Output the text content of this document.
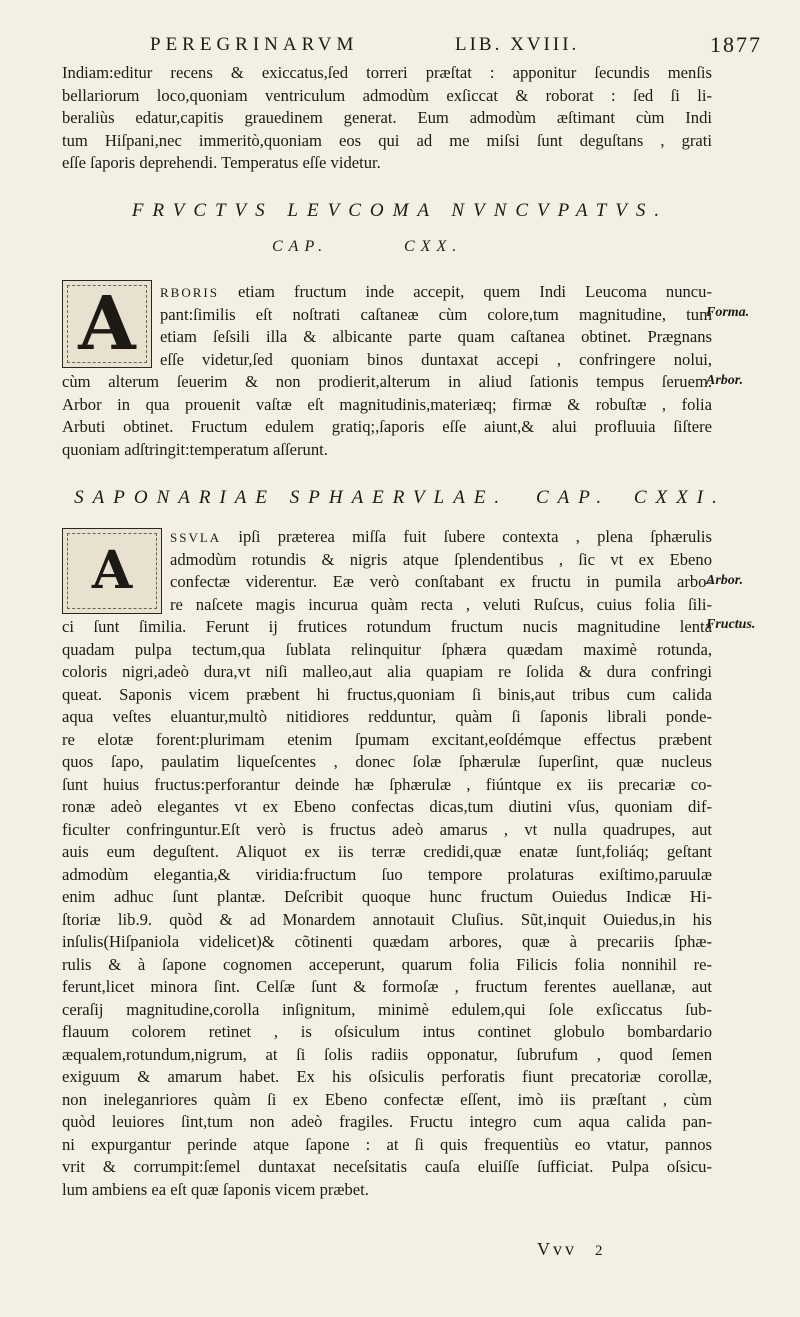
PEREGRINARVM	LIB. XVIII.	1877
Indiam:editur recens & exiccatus,ſed torreri præſtat : apponitur ſecundis menſis
bellariorum loco,quoniam ventriculum admodùm exſiccat & roborat : ſed ſi li-
beraliùs edatur,capitis grauedinem generat. Eum admodùm æſtimant cùm Indi
tum Hiſpani,nec immeritò,quoniam eos qui ad me miſsi ſunt deguſtans , grati
eſſe ſaporis deprehendi. Temperatus eſſe videtur.
FRVCTVS LEVCOMA NVNCVPATVS.
CAP.	CXX.
A RBORIS etiam fructum inde accepit, quem Indi Leucoma nuncu-
pant:ſimilis eſt noſtrati caſtaneæ cùm colore,tum magnitudine, tum
etiam ſeſsili illa & albicante parte quam caſtanea obtinet. Prægnans
eſſe videtur,ſed quoniam binos duntaxat accepi , confringere nolui,
cùm alterum ſeuerim & non prodierit,alterum in aliud ſationis tempus ſeruem.
Arbor in qua prouenit vaſtæ eſt magnitudinis,materiæq; firmæ & robuſtæ , folia
Arbuti obtinet. Fructum edulem gratiq;,ſaporis eſſe aiunt,& alui profluuia ſiſtere
quoniam adſtringit:temperatum aſſerunt.
Forma.
Arbor.
SAPONARIAE SPHAERVLAE. CAP. CXXI.
A
SSVLA ipſi præterea miſſa fuit ſubere contexta , plena ſphærulis
admodùm rotundis & nigris atque ſplendentibus , ſic vt ex Ebeno
confectæ viderentur. Eæ verò conſtabant ex fructu in pumila arbo-
re naſcete magis incurua quàm recta , veluti Ruſcus, cuius folia ſili-
ci ſunt ſimilia. Ferunt ij frutices rotundum fructum nucis magnitudine lenta
quadam pulpa tectum,qua ſublata relinquitur ſphæra quædam maximè rotunda,
coloris nigri,adeò dura,vt niſi malleo,aut alia quapiam re ſolida & dura confringi
queat. Saponis vicem præbent hi fructus,quoniam ſi binis,aut tribus cum calida
aqua veſtes eluantur,multò nitidiores redduntur, quàm ſi ſaponis librali ponde-
re elotæ forent:plurimam etenim ſpumam excitant,eoſdémque effectus præbent
quos ſapo, paulatim liqueſcentes , donec ſolæ ſphærulæ ſuperſint, quæ nucleus
ſunt huius fructus:perforantur deinde hæ ſphærulæ , fiúntque ex iis precariæ co-
ronæ adeò elegantes vt ex Ebeno confectas dicas,tum diutini vſus, quoniam dif-
ficulter confringuntur.Eſt verò is fructus adeò amarus , vt nulla quadrupes, aut
auis eum deguſtent. Aliquot ex iis terræ credidi,quæ enatæ ſunt,foliáq; geſtant
admodùm elegantia,& viridia:fructum ſuo tempore prolaturas exiſtimo,paruulæ
enim adhuc ſunt plantæ. Deſcribit quoque hunc fructum Ouiedus Indicæ Hi-
ſtoriæ lib.9. quòd & ad Monardem annotauit Cluſius. Sũt,inquit Ouiedus,in his
inſulis(Hiſpaniola videlicet)& cõtinenti quædam arbores, quæ à precariis ſphæ-
rulis & à ſapone cognomen acceperunt, quarum folia Filicis folia nonnihil re-
ferunt,licet minora ſint. Celſæ ſunt & formoſæ , fructum ferentes auellanæ, aut
ceraſij magnitudine,corolla inſignitum, minimè edulem,qui ſole exſiccatus ſub-
flauum colorem retinet , is oſsiculum intus continet globulo bombardario
æqualem,rotundum,nigrum, at ſi ſolis radiis opponatur, ſubrufum , quod ſemen
exiguum & amarum habet. Ex his oſsiculis perforatis fiunt precatoriæ corollæ,
non ineleganriores quàm ſi ex Ebeno confectæ eſſent, imò iis præſtant , cùm
quòd leuiores ſint,tum non adeò fragiles. Fructu integro cum aqua calida pan-
ni expurgantur perinde atque ſapone : at ſi quis frequentiùs eo vtatur, pannos
vrit & corrumpit:ſemel duntaxat neceſsitatis cauſa eluiſſe ſufficiat. Pulpa oſsicu-
lum ambiens ea eſt quæ ſaponis vicem præbet.
Arbor.
Fructus.
Vvv 2
